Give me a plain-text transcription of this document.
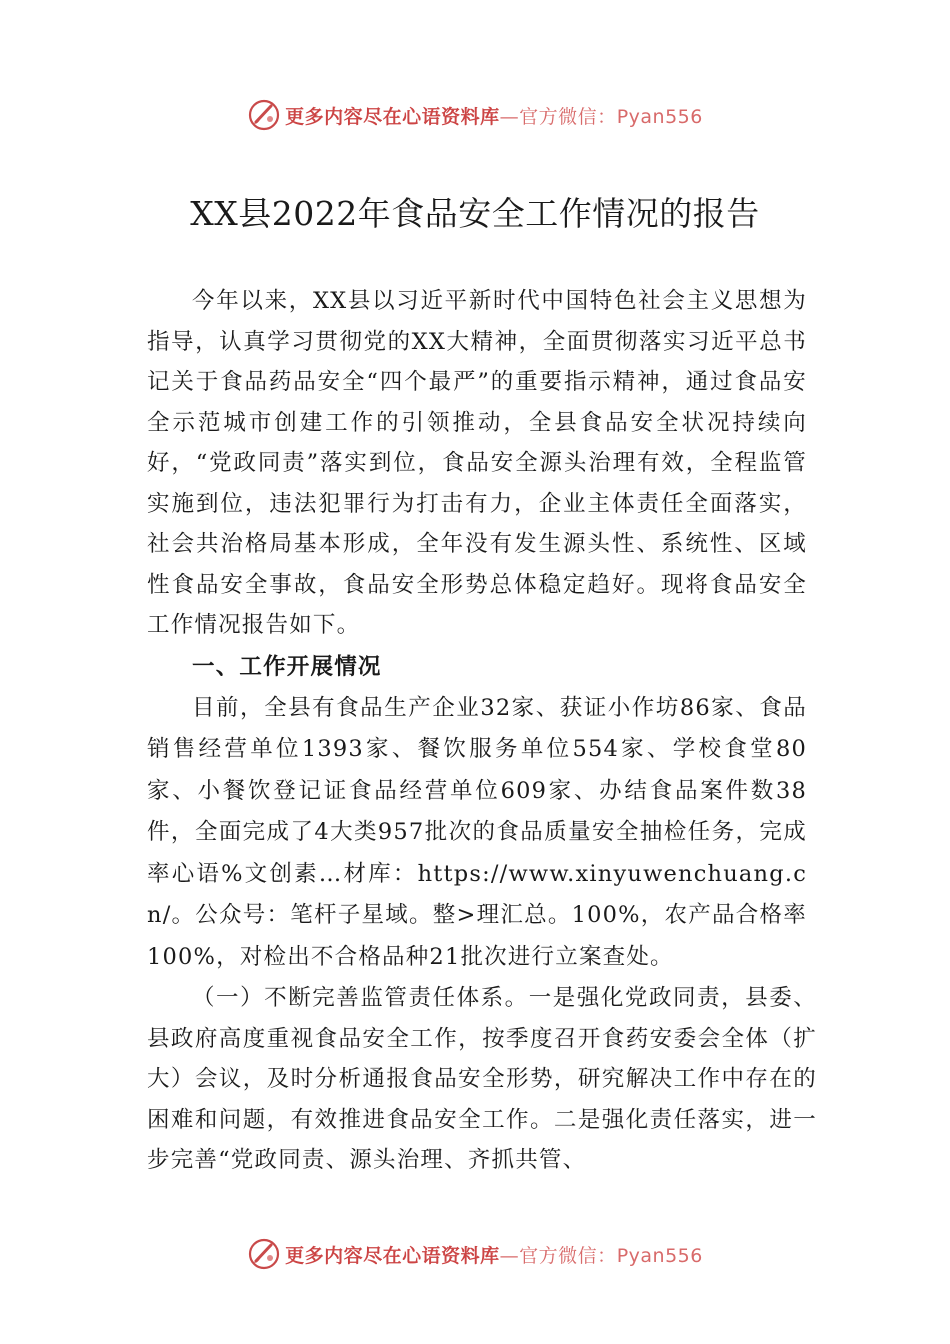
更多内容尽在心语资料库—官方微信：Pyan556
XX县2022年食品安全工作情况的报告

今年以来，XX县以习近平新时代中国特色社会主义思想为指导，认真学习贯彻党的XX大精神，全面贯彻落实习近平总书记关于食品药品安全“四个最严”的重要指示精神，通过食品安全示范城市创建工作的引领推动，全县食品安全状况持续向好，“党政同责”落实到位，食品安全源头治理有效，全程监管实施到位，违法犯罪行为打击有力，企业主体责任全面落实，社会共治格局基本形成，全年没有发生源头性、系统性、区域性食品安全事故，食品安全形势总体稳定趋好。现将食品安全工作情况报告如下。

一、工作开展情况

目前，全县有食品生产企业32家、获证小作坊86家、食品销售经营单位1393家、餐饮服务单位554家、学校食堂80家、小餐饮登记证食品经营单位609家、办结食品案件数38件，全面完成了4大类957批次的食品质量安全抽检任务，完成率心语%文创素…材库：https://www.xinyuwenchuang.cn/。公众号：笔杆子星域。整>理汇总。100%，农产品合格率100%，对检出不合格品种21批次进行立案查处。

（一）不断完善监管责任体系。一是强化党政同责，县委、县政府高度重视食品安全工作，按季度召开食药安委会全体（扩大）会议，及时分析通报食品安全形势，研究解决工作中存在的困难和问题，有效推进食品安全工作。二是强化责任落实，进一步完善“党政同责、源头治理、齐抓共管、

更多内容尽在心语资料库—官方微信：Pyan556
